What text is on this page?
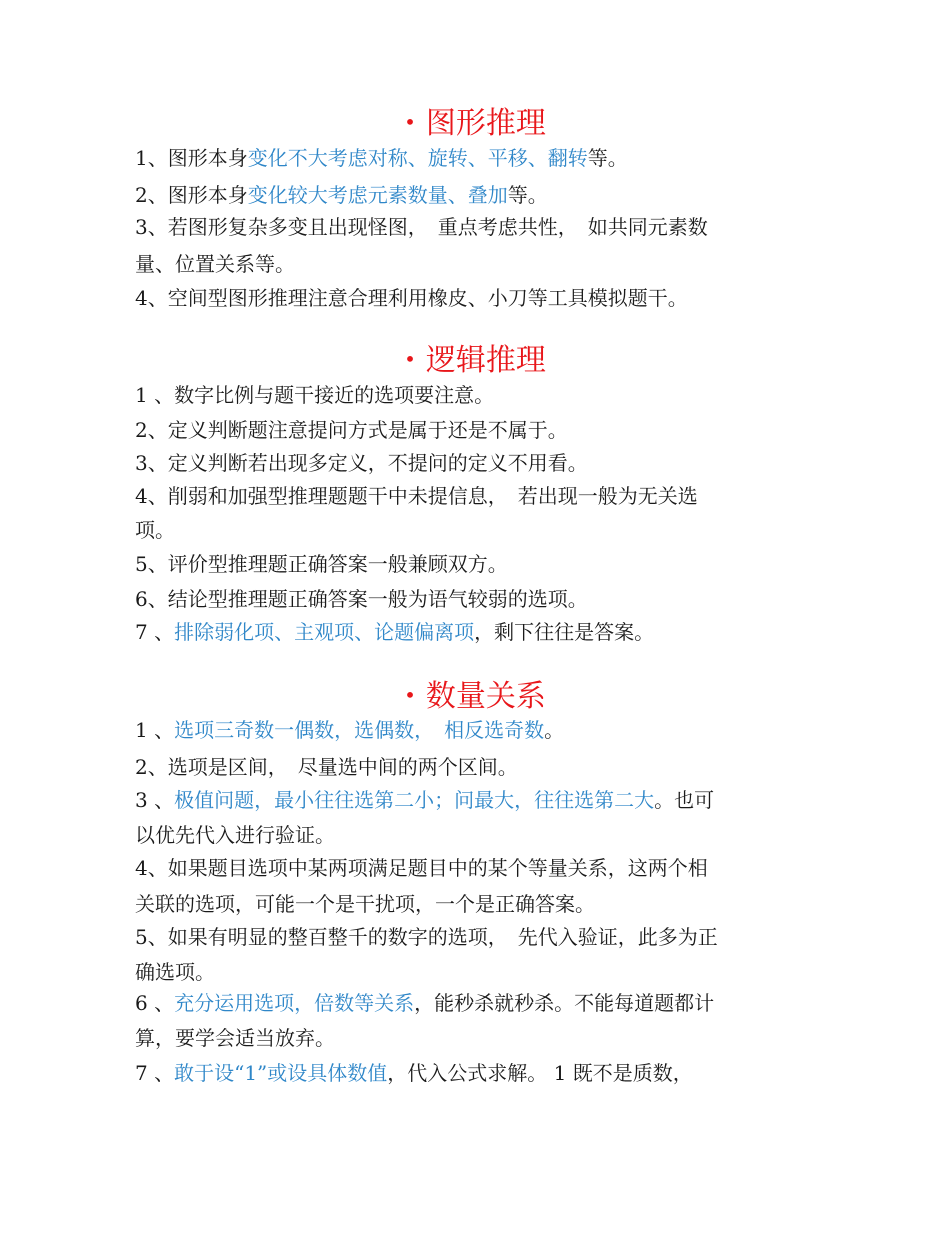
• 图形推理
1、图形本身变化不大考虑对称、旋转、平移、翻转等。
2、图形本身变化较大考虑元素数量、叠加等。
3、若图形复杂多变且出现怪图，　重点考虑共性，　如共同元素数
量、位置关系等。
4、空间型图形推理注意合理利用橡皮、小刀等工具模拟题干。
• 逻辑推理
1 、数字比例与题干接近的选项要注意。
2、定义判断题注意提问方式是属于还是不属于。
3、定义判断若出现多定义，不提问的定义不用看。
4、削弱和加强型推理题题干中未提信息，　若出现一般为无关选
项。
5、评价型推理题正确答案一般兼顾双方。
6、结论型推理题正确答案一般为语气较弱的选项。
7 、排除弱化项、主观项、论题偏离项，剩下往往是答案。
• 数量关系
1 、选项三奇数一偶数，选偶数，　相反选奇数。
2、选项是区间，　尽量选中间的两个区间。
3 、极值问题，最小往往选第二小；问最大，往往选第二大。也可
以优先代入进行验证。
4、如果题目选项中某两项满足题目中的某个等量关系，这两个相
关联的选项，可能一个是干扰项，一个是正确答案。
5、如果有明显的整百整千的数字的选项，　先代入验证，此多为正
确选项。
6 、充分运用选项，倍数等关系，能秒杀就秒杀。不能每道题都计
算，要学会适当放弃。
7 、敢于设“1”或设具体数值，代入公式求解。 1 既不是质数，
